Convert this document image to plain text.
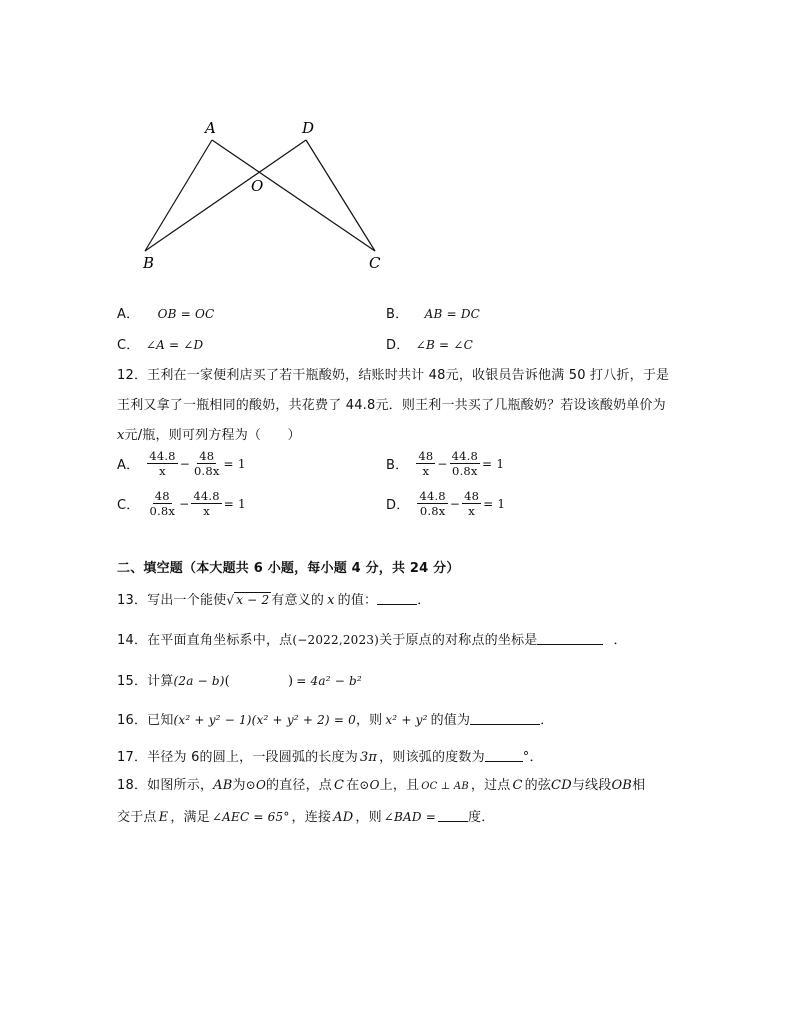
A	D
O
B	C
A． OB = OC	B． AB = DC
C． ∠A = ∠D	D． ∠B = ∠C
12．王利在一家便利店买了若干瓶酸奶，结账时共计 48元，收银员告诉他满 50 打八折，于是
王利又拿了一瓶相同的酸奶，共花费了 44.8元．则王利一共买了几瓶酸奶？若设该酸奶单价为
x元/瓶，则可列方程为（　　）
A． $\frac{44.8}{x} - \frac{48}{0.8x} = 1$	B． $\frac{48}{x} - \frac{44.8}{0.8x} = 1$
C． $\frac{48}{0.8x} - \frac{44.8}{x} = 1$	D． $\frac{44.8}{0.8x} - \frac{48}{x} = 1$
二、填空题（本大题共 6 小题，每小题 4 分，共 24 分）
13．写出一个能使√ x − 2 有意义的 x 的值：	．
14．在平面直角坐标系中，点(−2022,2023)关于原点的对称点的坐标是	．
15．计算(2a − b)(	) = 4a² − b²
16．已知(x² + y² − 1)(x² + y² + 2) = 0，则 x² + y² 的值为	．
17．半径为 6的圆上，一段圆弧的长度为 3π ，则该弧的度数为	°．
18．如图所示，AB为⊙O的直径，点 C 在⊙O上，且 OC ⊥ AB ，过点 C 的弦CD与线段OB相
交于点 E ，满足 ∠AEC = 65° ，连接 AD ，则 ∠BAD = 度．
